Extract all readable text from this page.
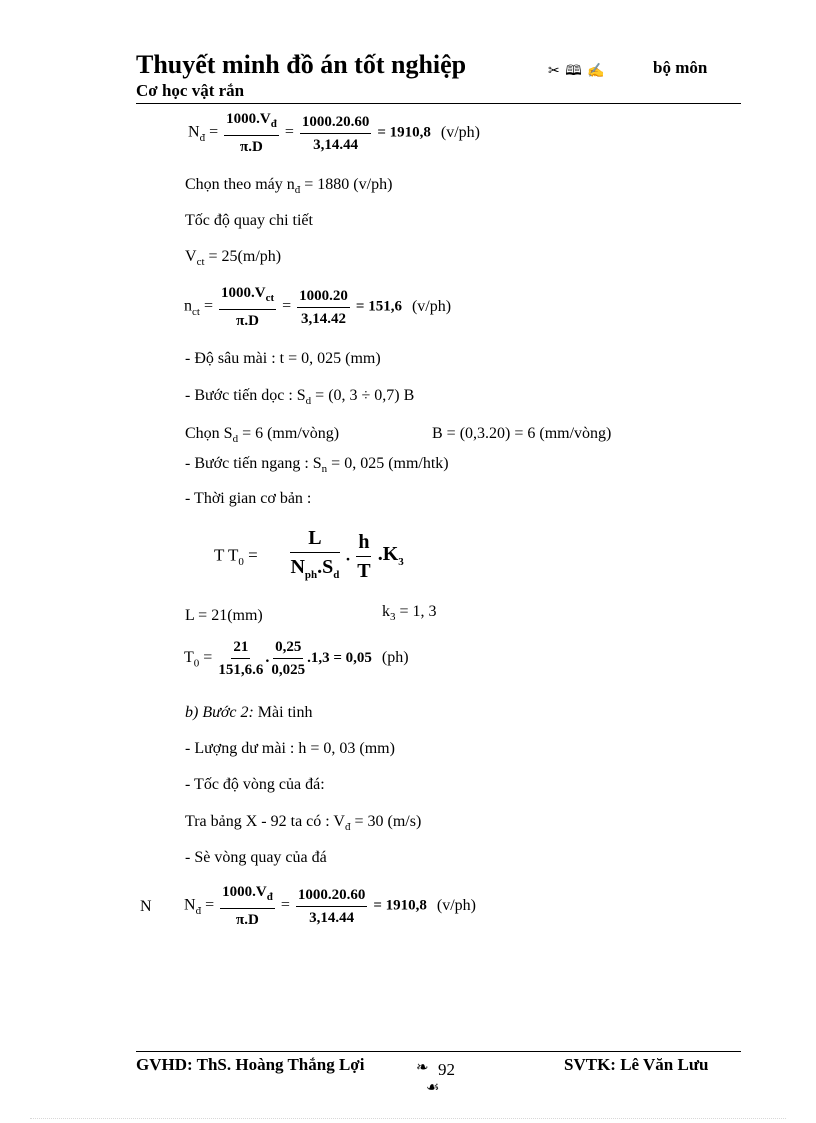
Thuyết minh đồ án tốt nghiệp	✂ 🕮 ✍	bộ môn
Cơ học vật rắn
$N_đ = \frac{1000.V_đ}{\pi.D} = \frac{1000.20.60}{3,14.44} = 1910,8$ (v/ph)
Chọn theo máy $n_đ = 1880$ (v/ph)
Tốc độ quay chi tiết
$V_{ct} = 25(m/ph)$
$n_{ct} = \frac{1000.V_{ct}}{\pi.D} = \frac{1000.20}{3,14.42} = 151,6$ (v/ph)
- Độ sâu mài : t = 0, 025 (mm)
- Bước tiến dọc : $S_d = (0$, 3 ÷ 0,7) B
Chọn $S_d = 6$ (mm/vòng)	B = (0,3.20) = 6 (mm/vòng)
- Bước tiến ngang : $S_n = 0$, 025 (mm/htk)
- Thời gian cơ bản :
T $T_0 = \frac{L}{N_{ph}.S_d}$ . $\frac{h}{T} .K_3$
L = 21(mm)	$k_3 = 1$, 3
$T_0 = \frac{21}{151,6.6}$ . $\frac{0,25}{0,025} .1,3 = 0,05$ (ph)
b) Bước 2: Mài tinh
- Lượng dư mài : h = 0, 03 (mm)
- Tốc độ vòng của đá:
Tra bảng X - 92 ta có : $V_đ = 30$ (m/s)
- Sè vòng quay của đá
N $N_đ = \frac{1000.V_đ}{\pi.D} = \frac{1000.20.60}{3,14.44} = 1910,8$ (v/ph)
GVHD: ThS. Hoàng Thắng Lợi	❧ 92
☙
SVTK: Lê Văn Lưu
